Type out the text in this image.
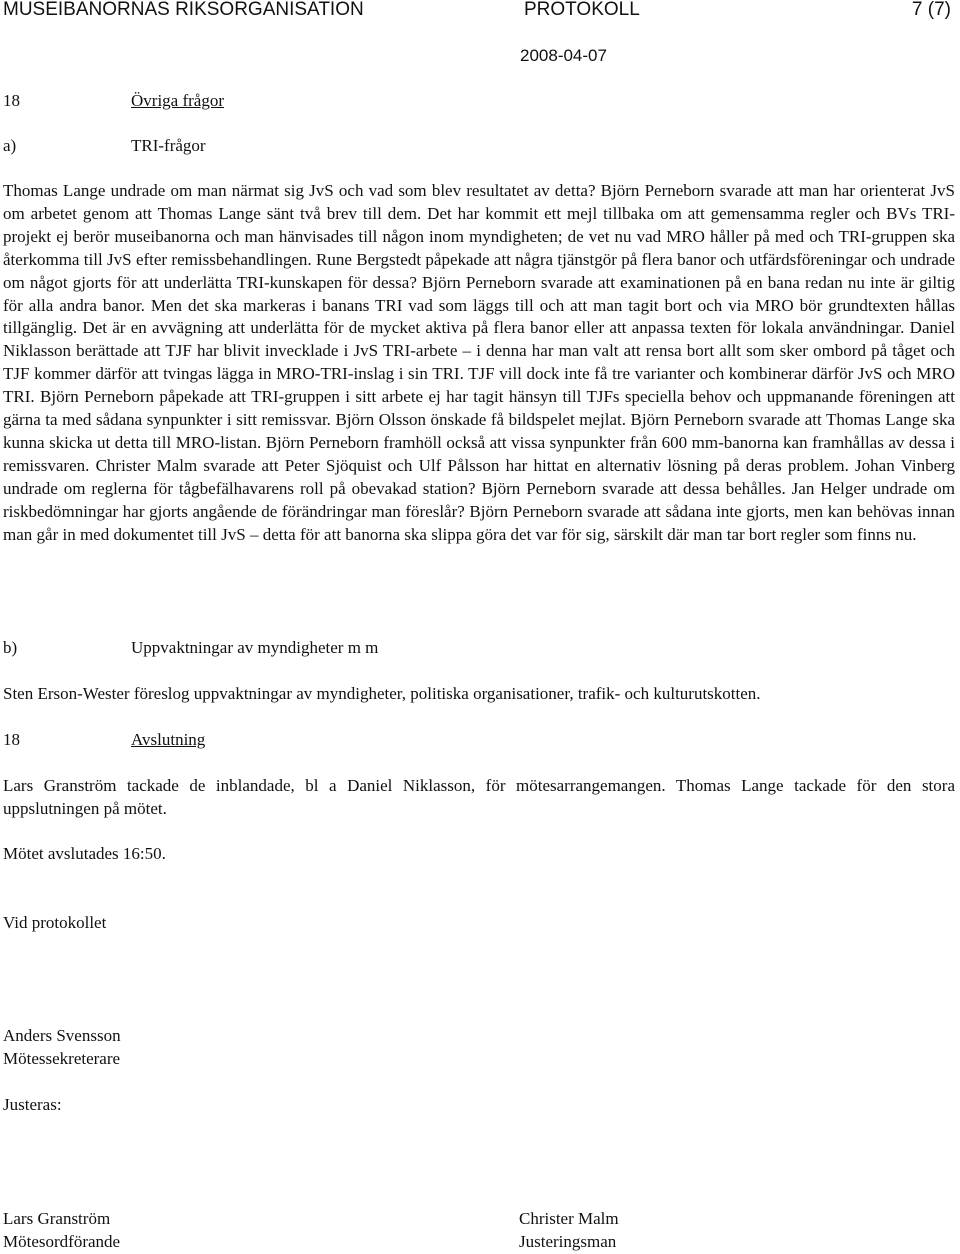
MUSEIBANORNAS RIKSORGANISATION	PROTOKOLL	7 (7)
2008-04-07
18	Övriga frågor
a)	TRI-frågor
Thomas Lange undrade om man närmat sig JvS och vad som blev resultatet av detta? Björn Perneborn svarade att man har orienterat JvS om arbetet genom att Thomas Lange sänt två brev till dem. Det har kommit ett mejl tillbaka om att gemensamma regler och BVs TRI-projekt ej berör museibanorna och man hänvisades till någon inom myndigheten; de vet nu vad MRO håller på med och TRI-gruppen ska återkomma till JvS efter remissbehandlingen. Rune Bergstedt påpekade att några tjänstgör på flera banor och utfärdsföreningar och undrade om något gjorts för att underlätta TRI-kunskapen för dessa? Björn Perneborn svarade att examinationen på en bana redan nu inte är giltig för alla andra banor. Men det ska markeras i banans TRI vad som läggs till och att man tagit bort och via MRO bör grundtexten hållas tillgänglig. Det är en avvägning att underlätta för de mycket aktiva på flera banor eller att anpassa texten för lokala användningar. Daniel Niklasson berättade att TJF har blivit invecklade i JvS TRI-arbete – i denna har man valt att rensa bort allt som sker ombord på tåget och TJF kommer därför att tvingas lägga in MRO-TRI-inslag i sin TRI. TJF vill dock inte få tre varianter och kombinerar därför JvS och MRO TRI. Björn Perneborn påpekade att TRI-gruppen i sitt arbete ej har tagit hänsyn till TJFs speciella behov och uppmanande föreningen att gärna ta med sådana synpunkter i sitt remissvar. Björn Olsson önskade få bildspelet mejlat. Björn Perneborn svarade att Thomas Lange ska kunna skicka ut detta till MRO-listan. Björn Perneborn framhöll också att vissa synpunkter från 600 mm-banorna kan framhållas av dessa i remissvaren. Christer Malm svarade att Peter Sjöquist och Ulf Pålsson har hittat en alternativ lösning på deras problem. Johan Vinberg undrade om reglerna för tågbefälhavarens roll på obevakad station? Björn Perneborn svarade att dessa behålles. Jan Helger undrade om riskbedömningar har gjorts angående de förändringar man föreslår? Björn Perneborn svarade att sådana inte gjorts, men kan behövas innan man går in med dokumentet till JvS – detta för att banorna ska slippa göra det var för sig, särskilt där man tar bort regler som finns nu.
b)	Uppvaktningar av myndigheter m m
Sten Erson-Wester föreslog uppvaktningar av myndigheter, politiska organisationer, trafik- och kulturutskotten.
18	Avslutning
Lars Granström tackade de inblandade, bl a Daniel Niklasson, för mötesarrangemangen. Thomas Lange tackade för den stora uppslutningen på mötet.
Mötet avslutades 16:50.
Vid protokollet
Anders Svensson
Mötessekreterare
Justeras:
Lars Granström
Mötesordförande
Christer Malm
Justeringsman
